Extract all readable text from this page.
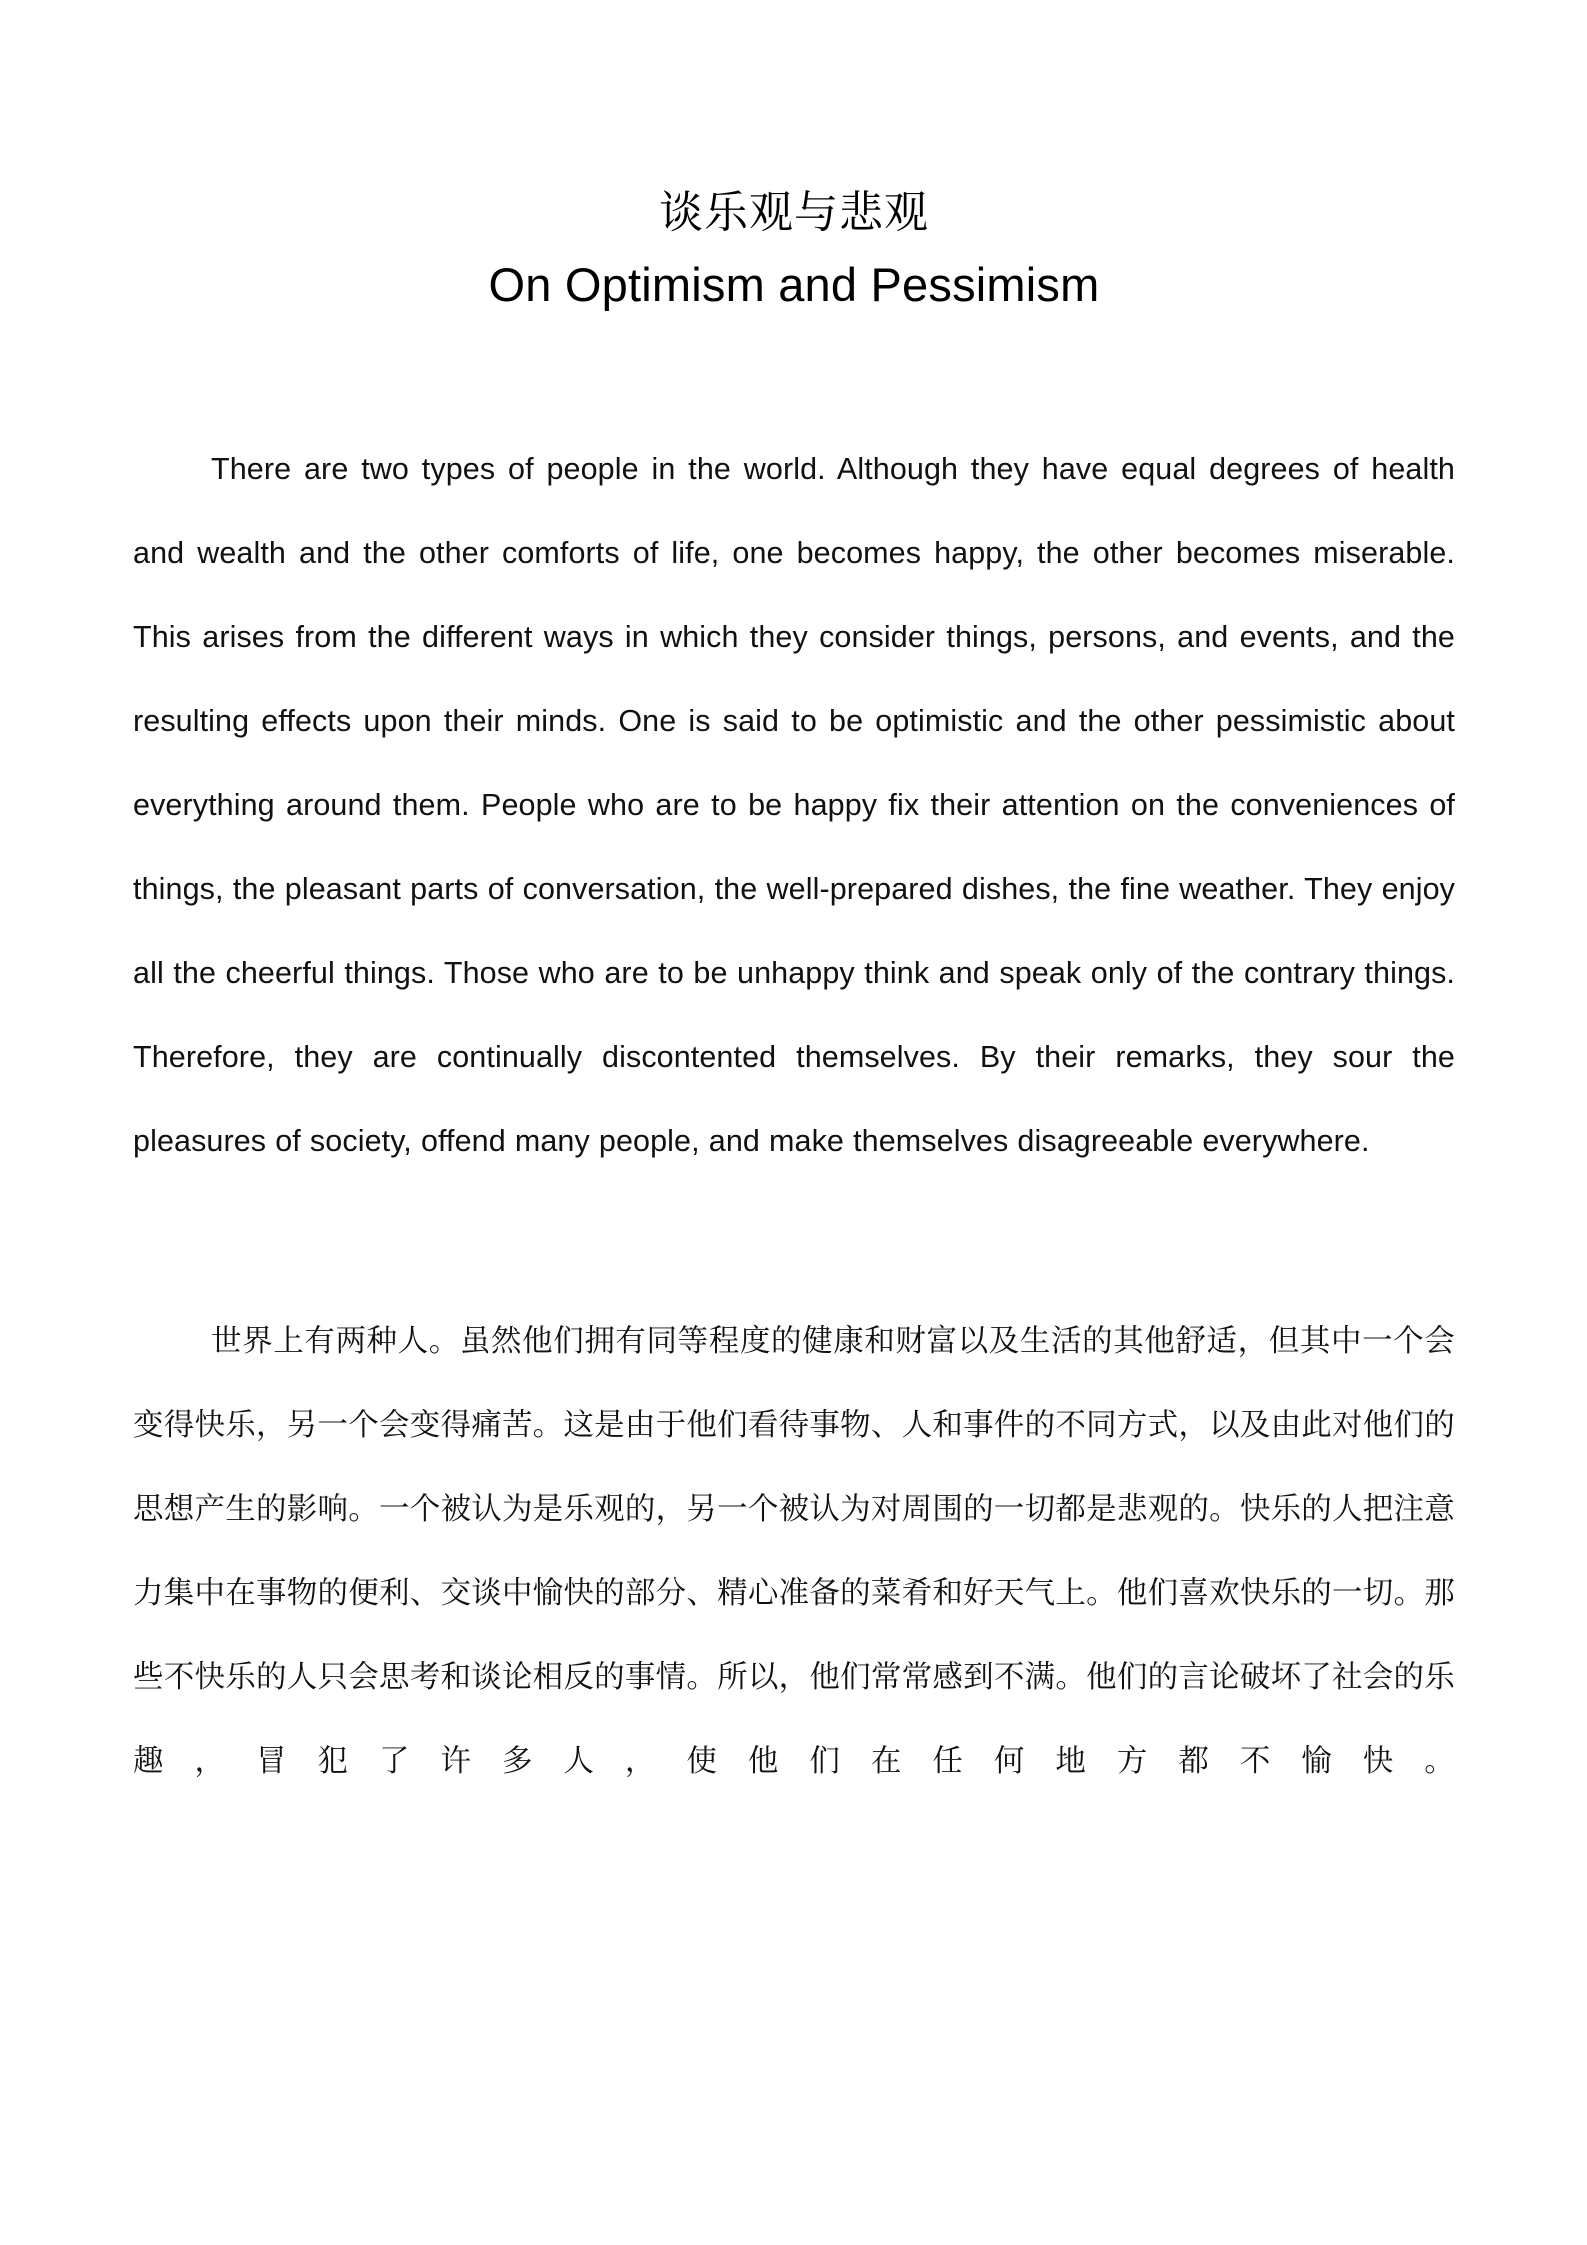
谈乐观与悲观
On Optimism and Pessimism

There are two types of people in the world. Although they have equal degrees of health and wealth and the other comforts of life, one becomes happy, the other becomes miserable. This arises from the different ways in which they consider things, persons, and events, and the resulting effects upon their minds. One is said to be optimistic and the other pessimistic about everything around them. People who are to be happy fix their attention on the conveniences of things, the pleasant parts of conversation, the well-prepared dishes, the fine weather. They enjoy all the cheerful things. Those who are to be unhappy think and speak only of the contrary things. Therefore, they are continually discontented themselves. By their remarks, they sour the pleasures of society, offend many people, and make themselves disagreeable everywhere.

世界上有两种人。虽然他们拥有同等程度的健康和财富以及生活的其他舒适，但其中一个会变得快乐，另一个会变得痛苦。这是由于他们看待事物、人和事件的不同方式，以及由此对他们的思想产生的影响。一个被认为是乐观的，另一个被认为对周围的一切都是悲观的。快乐的人把注意力集中在事物的便利、交谈中愉快的部分、精心准备的菜肴和好天气上。他们喜欢快乐的一切。那些不快乐的人只会思考和谈论相反的事情。所以，他们常常感到不满。他们的言论破坏了社会的乐趣，冒犯了许多人，使他们在任何地方都不愉快。
